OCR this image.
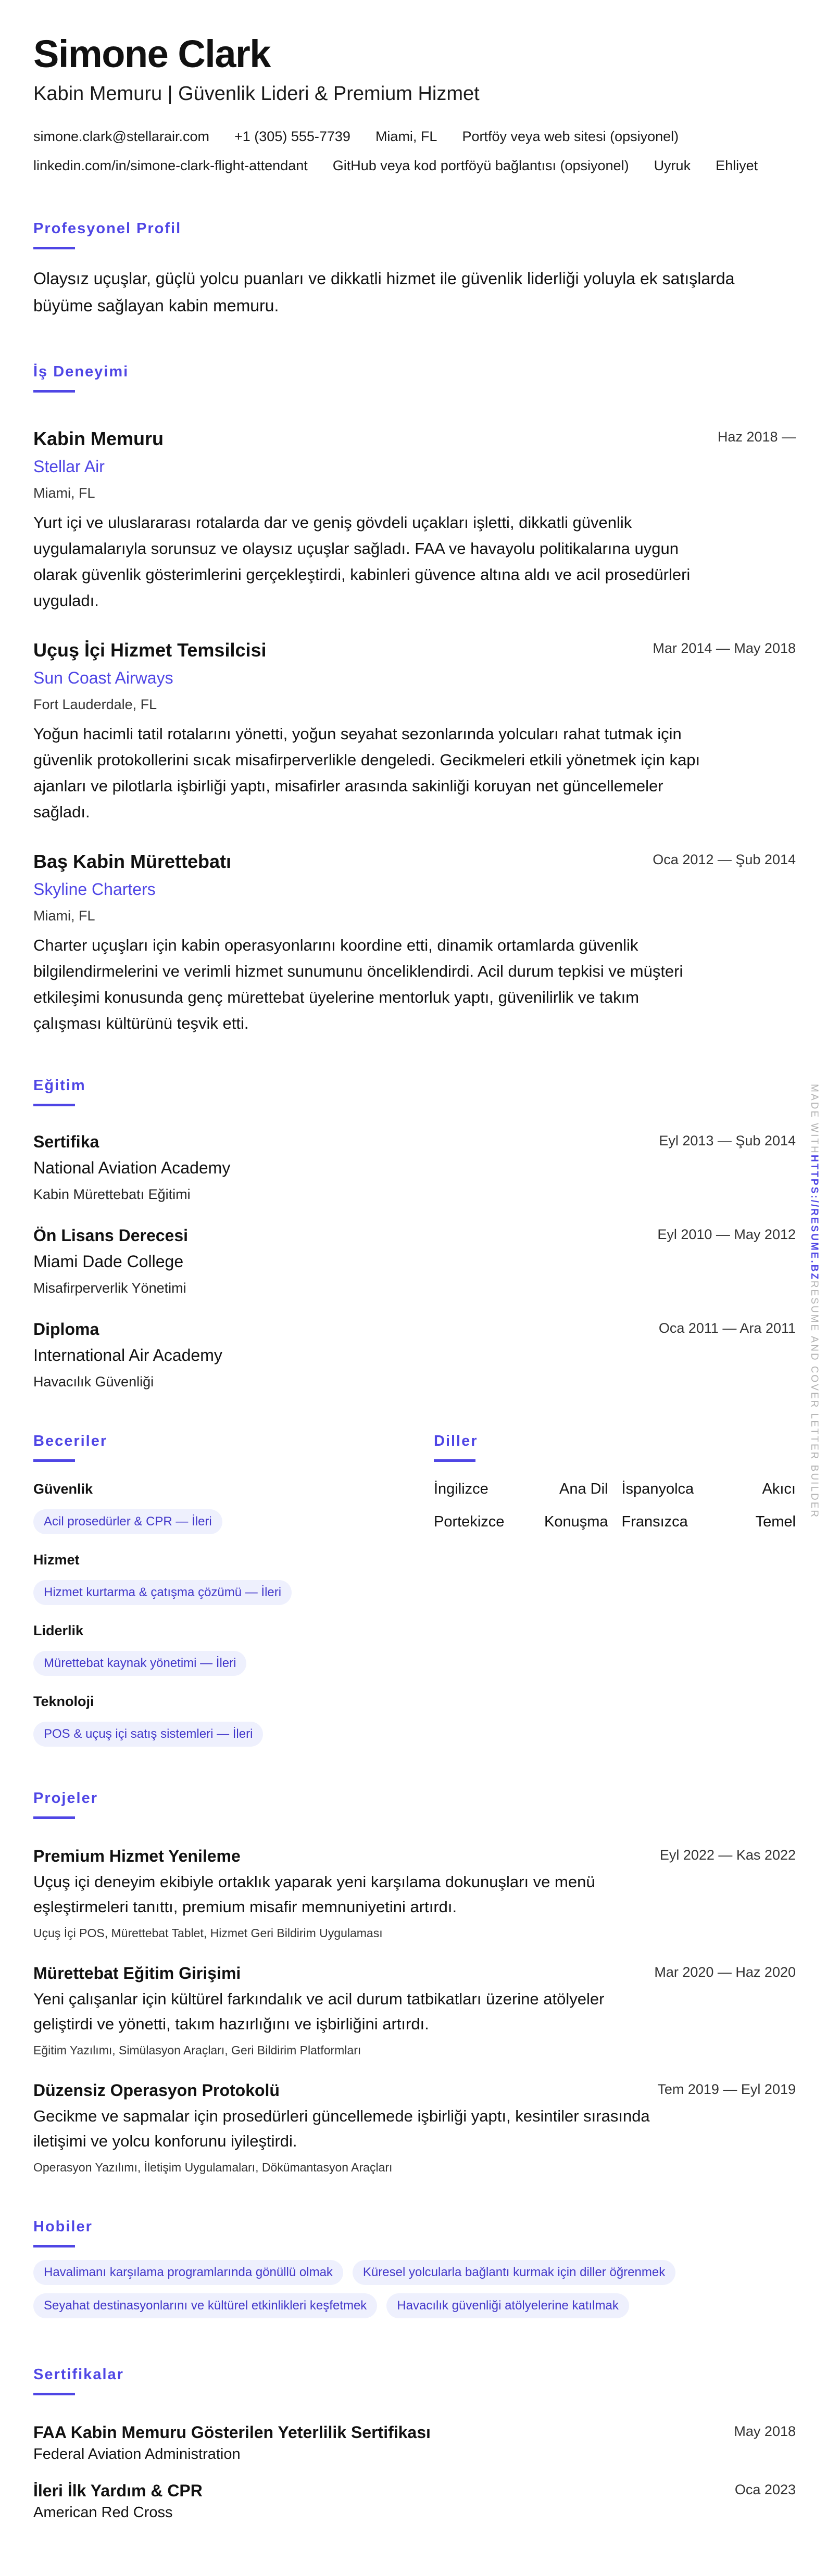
Simone Clark
Kabin Memuru | Güvenlik Lideri & Premium Hizmet
simone.clark@stellarair.com +1 (305) 555-7739 Miami, FL Portföy veya web sitesi (opsiyonel)
linkedin.com/in/simone-clark-flight-attendant GitHub veya kod portföyü bağlantısı (opsiyonel) Uyruk Ehliyet
Profesyonel Profil

Olaysız uçuşlar, güçlü yolcu puanları ve dikkatli hizmet ile güvenlik liderliği yoluyla ek satışlarda büyüme sağlayan kabin memuru.

İş Deneyimi
Kabin Memuru	Haz 2018 —
Stellar Air
Miami, FL

Yurt içi ve uluslararası rotalarda dar ve geniş gövdeli uçakları işletti, dikkatli güvenlik uygulamalarıyla sorunsuz ve olaysız uçuşlar sağladı. FAA ve havayolu politikalarına uygun olarak güvenlik gösterimlerini gerçekleştirdi, kabinleri güvence altına aldı ve acil prosedürleri uyguladı.

Uçuş İçi Hizmet Temsilcisi	Mar 2014 — May 2018
Sun Coast Airways
Fort Lauderdale, FL

Yoğun hacimli tatil rotalarını yönetti, yoğun seyahat sezonlarında yolcuları rahat tutmak için güvenlik protokollerini sıcak misafirperverlikle dengeledi. Gecikmeleri etkili yönetmek için kapı ajanları ve pilotlarla işbirliği yaptı, misafirler arasında sakinliği koruyan net güncellemeler sağladı.

Baş Kabin Mürettebatı	Oca 2012 — Şub 2014
Skyline Charters
Miami, FL

Charter uçuşları için kabin operasyonlarını koordine etti, dinamik ortamlarda güvenlik bilgilendirmelerini ve verimli hizmet sunumunu önceliklendirdi. Acil durum tepkisi ve müşteri etkileşimi konusunda genç mürettebat üyelerine mentorluk yaptı, güvenilirlik ve takım çalışması kültürünü teşvik etti.

Eğitim
Sertifika	Eyl 2013 — Şub 2014
National Aviation Academy
Kabin Mürettebatı Eğitimi
Ön Lisans Derecesi	Eyl 2010 — May 2012
Miami Dade College
Misafirperverlik Yönetimi
Diploma	Oca 2011 — Ara 2011
International Air Academy
Havacılık Güvenliği
Beceriler
Güvenlik
Acil prosedürler & CPR — İleri
Hizmet
Hizmet kurtarma & çatışma çözümü — İleri
Liderlik
Mürettebat kaynak yönetimi — İleri
Teknoloji
POS & uçuş içi satış sistemleri — İleri
Diller
İngilizce	Ana Dil İspanyolca	Akıcı
Portekizce	Konuşma Fransızca	Temel
Projeler
Premium Hizmet Yenileme	Eyl 2022 — Kas 2022

Uçuş içi deneyim ekibiyle ortaklık yaparak yeni karşılama dokunuşları ve menü eşleştirmeleri tanıttı, premium misafir memnuniyetini artırdı.

Uçuş İçi POS, Mürettebat Tablet, Hizmet Geri Bildirim Uygulaması
Mürettebat Eğitim Girişimi	Mar 2020 — Haz 2020

Yeni çalışanlar için kültürel farkındalık ve acil durum tatbikatları üzerine atölyeler geliştirdi ve yönetti, takım hazırlığını ve işbirliğini artırdı.

Eğitim Yazılımı, Simülasyon Araçları, Geri Bildirim Platformları
Düzensiz Operasyon Protokolü	Tem 2019 — Eyl 2019

Gecikme ve sapmalar için prosedürleri güncellemede işbirliği yaptı, kesintiler sırasında iletişimi ve yolcu konforunu iyileştirdi.

Operasyon Yazılımı, İletişim Uygulamaları, Dökümantasyon Araçları
Hobiler
Havalimanı karşılama programlarında gönüllü olmak	Küresel yolcularla bağlantı kurmak için diller öğrenmek
Seyahat destinasyonlarını ve kültürel etkinlikleri keşfetmek	Havacılık güvenliği atölyelerine katılmak
Sertifikalar
FAA Kabin Memuru Gösterilen Yeterlilik Sertifikası	May 2018
Federal Aviation Administration
İleri İlk Yardım & CPR	Oca 2023
American Red Cross
MADE WITHHTTPS://RESUME.BZRESUME AND COVER LETTER BUILDER
